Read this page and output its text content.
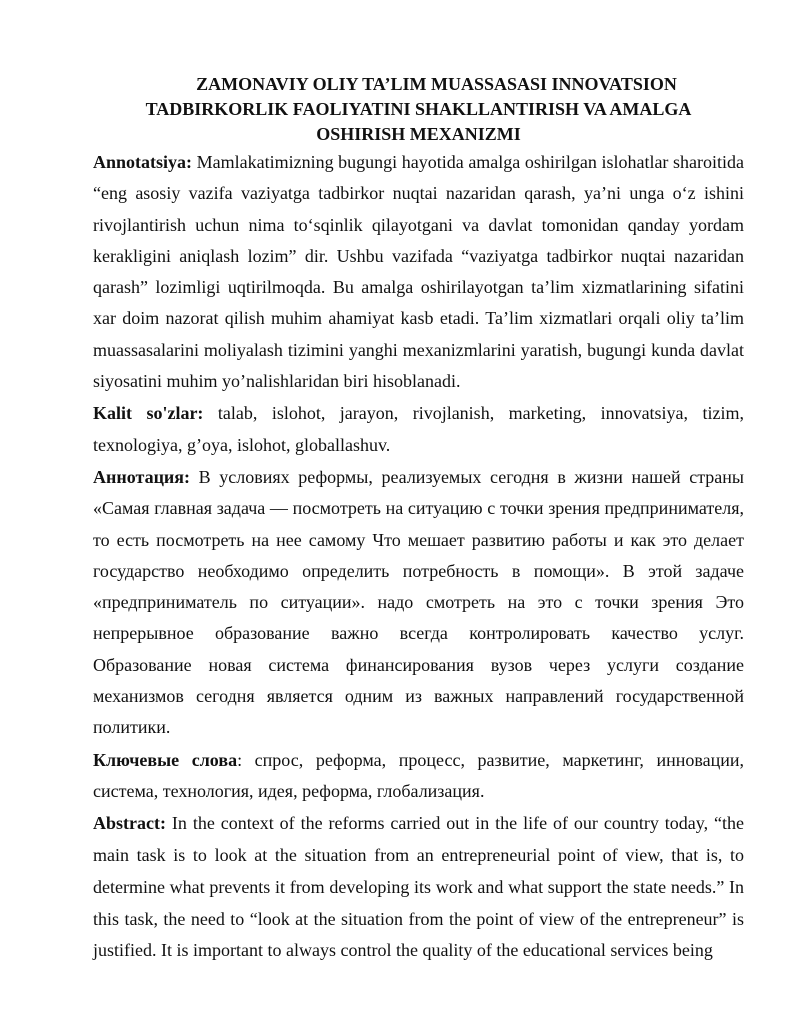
ZAMONAVIY OLIY TA’LIM MUASSASASI INNOVATSION
TADBIRKORLIK FAOLIYATINI SHAKLLANTIRISH VA AMALGA
OSHIRISH MEXANIZMI

Annotatsiya: Mamlakatimizning bugungi hayotida amalga oshirilgan islohatlar sharoitida “eng asosiy vazifa vaziyatga tadbirkor nuqtai nazaridan qarash, ya’ni unga o‘z ishini rivojlantirish uchun nima to‘sqinlik qilayotgani va davlat tomonidan qanday yordam kerakligini aniqlash lozim” dir. Ushbu vazifada “vaziyatga tadbirkor nuqtai nazaridan qarash” lozimligi uqtirilmoqda. Bu amalga oshirilayotgan ta’lim xizmatlarining sifatini xar doim nazorat qilish muhim ahamiyat kasb etadi. Ta’lim xizmatlari orqali oliy ta’lim muassasalarini moliyalash tizimini yanghi mexanizmlarini yaratish, bugungi kunda davlat siyosatini muhim yo’nalishlaridan biri hisoblanadi.

Kalit so'zlar: talab, islohot, jarayon, rivojlanish, marketing, innovatsiya, tizim, texnologiya, g’oya, islohot, globallashuv.

Аннотация: В условиях реформы, реализуемых сегодня в жизни нашей страны «Самая главная задача — посмотреть на ситуацию с точки зрения предпринимателя, то есть посмотреть на нее самому Что мешает развитию работы и как это делает государство необходимо определить потребность в помощи». В этой задаче «предприниматель по ситуации». надо смотреть на это с точки зрения Это непрерывное образование важно всегда контролировать качество услуг. Образование новая система финансирования вузов через услуги создание механизмов сегодня является одним из важных направлений государственной политики.

Ключевые слова: спрос, реформа, процесс, развитие, маркетинг, инновации, система, технология, идея, реформа, глобализация.

Abstract: In the context of the reforms carried out in the life of our country today, “the main task is to look at the situation from an entrepreneurial point of view, that is, to determine what prevents it from developing its work and what support the state needs.” In this task, the need to “look at the situation from the point of view of the entrepreneur” is justified. It is important to always control the quality of the educational services being
